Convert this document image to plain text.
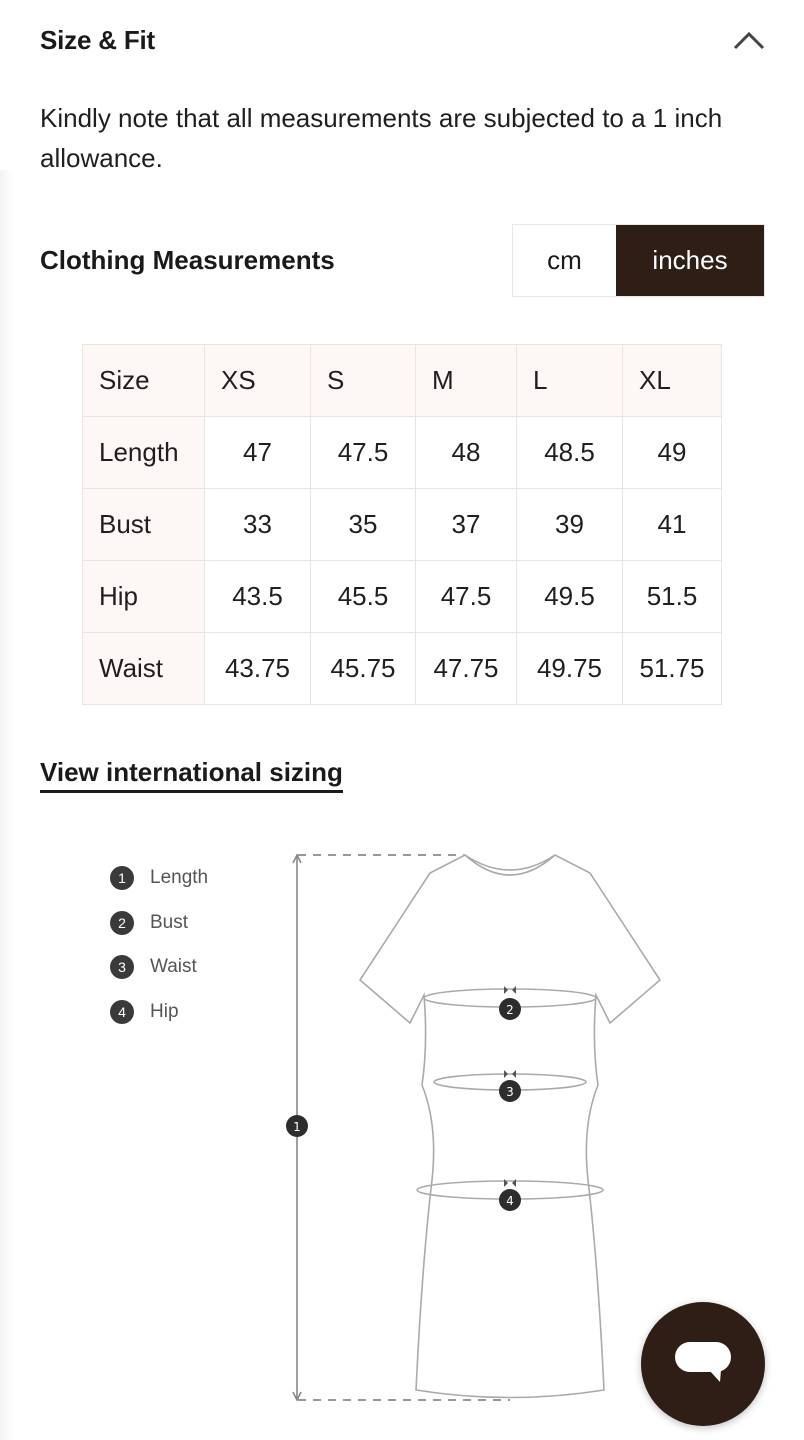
Size & Fit

Kindly note that all measurements are subjected to a 1 inch allowance.

Clothing Measurements	cm	inches
Size	XS	S	M	L	XL
Length	47	47.5	48	48.5	49
Bust	33	35	37	39	41
Hip	43.5	45.5	47.5	49.5	51.5
Waist	43.75	45.75	47.75	49.75	51.75
View international sizing
1	Length
2	Bust
3	Waist
4	Hip
1
2
3
4
